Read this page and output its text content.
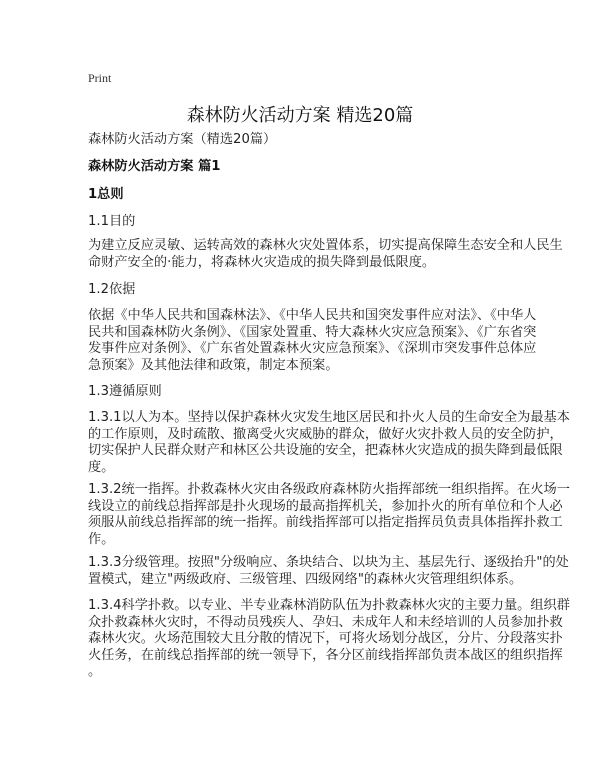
Print
森林防火活动方案 精选20篇
森林防火活动方案（精选20篇）
森林防火活动方案 篇1
1总则
1.1目的
为建立反应灵敏、运转高效的森林火灾处置体系，切实提高保障生态安全和人民生
命财产安全的·能力，将森林火灾造成的损失降到最低限度。
1.2依据
依据《中华人民共和国森林法》、《中华人民共和国突发事件应对法》、《中华人
民共和国森林防火条例》、《国家处置重、特大森林火灾应急预案》、《广东省突
发事件应对条例》、《广东省处置森林火灾应急预案》、《深圳市突发事件总体应
急预案》及其他法律和政策，制定本预案。
1.3遵循原则
1.3.1以人为本。坚持以保护森林火灾发生地区居民和扑火人员的生命安全为最基本
的工作原则，及时疏散、撤离受火灾威胁的群众，做好火灾扑救人员的安全防护，
切实保护人民群众财产和林区公共设施的安全，把森林火灾造成的损失降到最低限
度。
1.3.2统一指挥。扑救森林火灾由各级政府森林防火指挥部统一组织指挥。在火场一
线设立的前线总指挥部是扑火现场的最高指挥机关，参加扑火的所有单位和个人必
须服从前线总指挥部的统一指挥。前线指挥部可以指定指挥员负责具体指挥扑救工
作。
1.3.3分级管理。按照"分级响应、条块结合、以块为主、基层先行、逐级抬升"的处
置模式，建立"两级政府、三级管理、四级网络"的森林火灾管理组织体系。
1.3.4科学扑救。以专业、半专业森林消防队伍为扑救森林火灾的主要力量。组织群
众扑救森林火灾时，不得动员残疾人、孕妇、未成年人和未经培训的人员参加扑救
森林火灾。火场范围较大且分散的情况下，可将火场划分战区，分片、分段落实扑
火任务，在前线总指挥部的统一领导下，各分区前线指挥部负责本战区的组织指挥
。
